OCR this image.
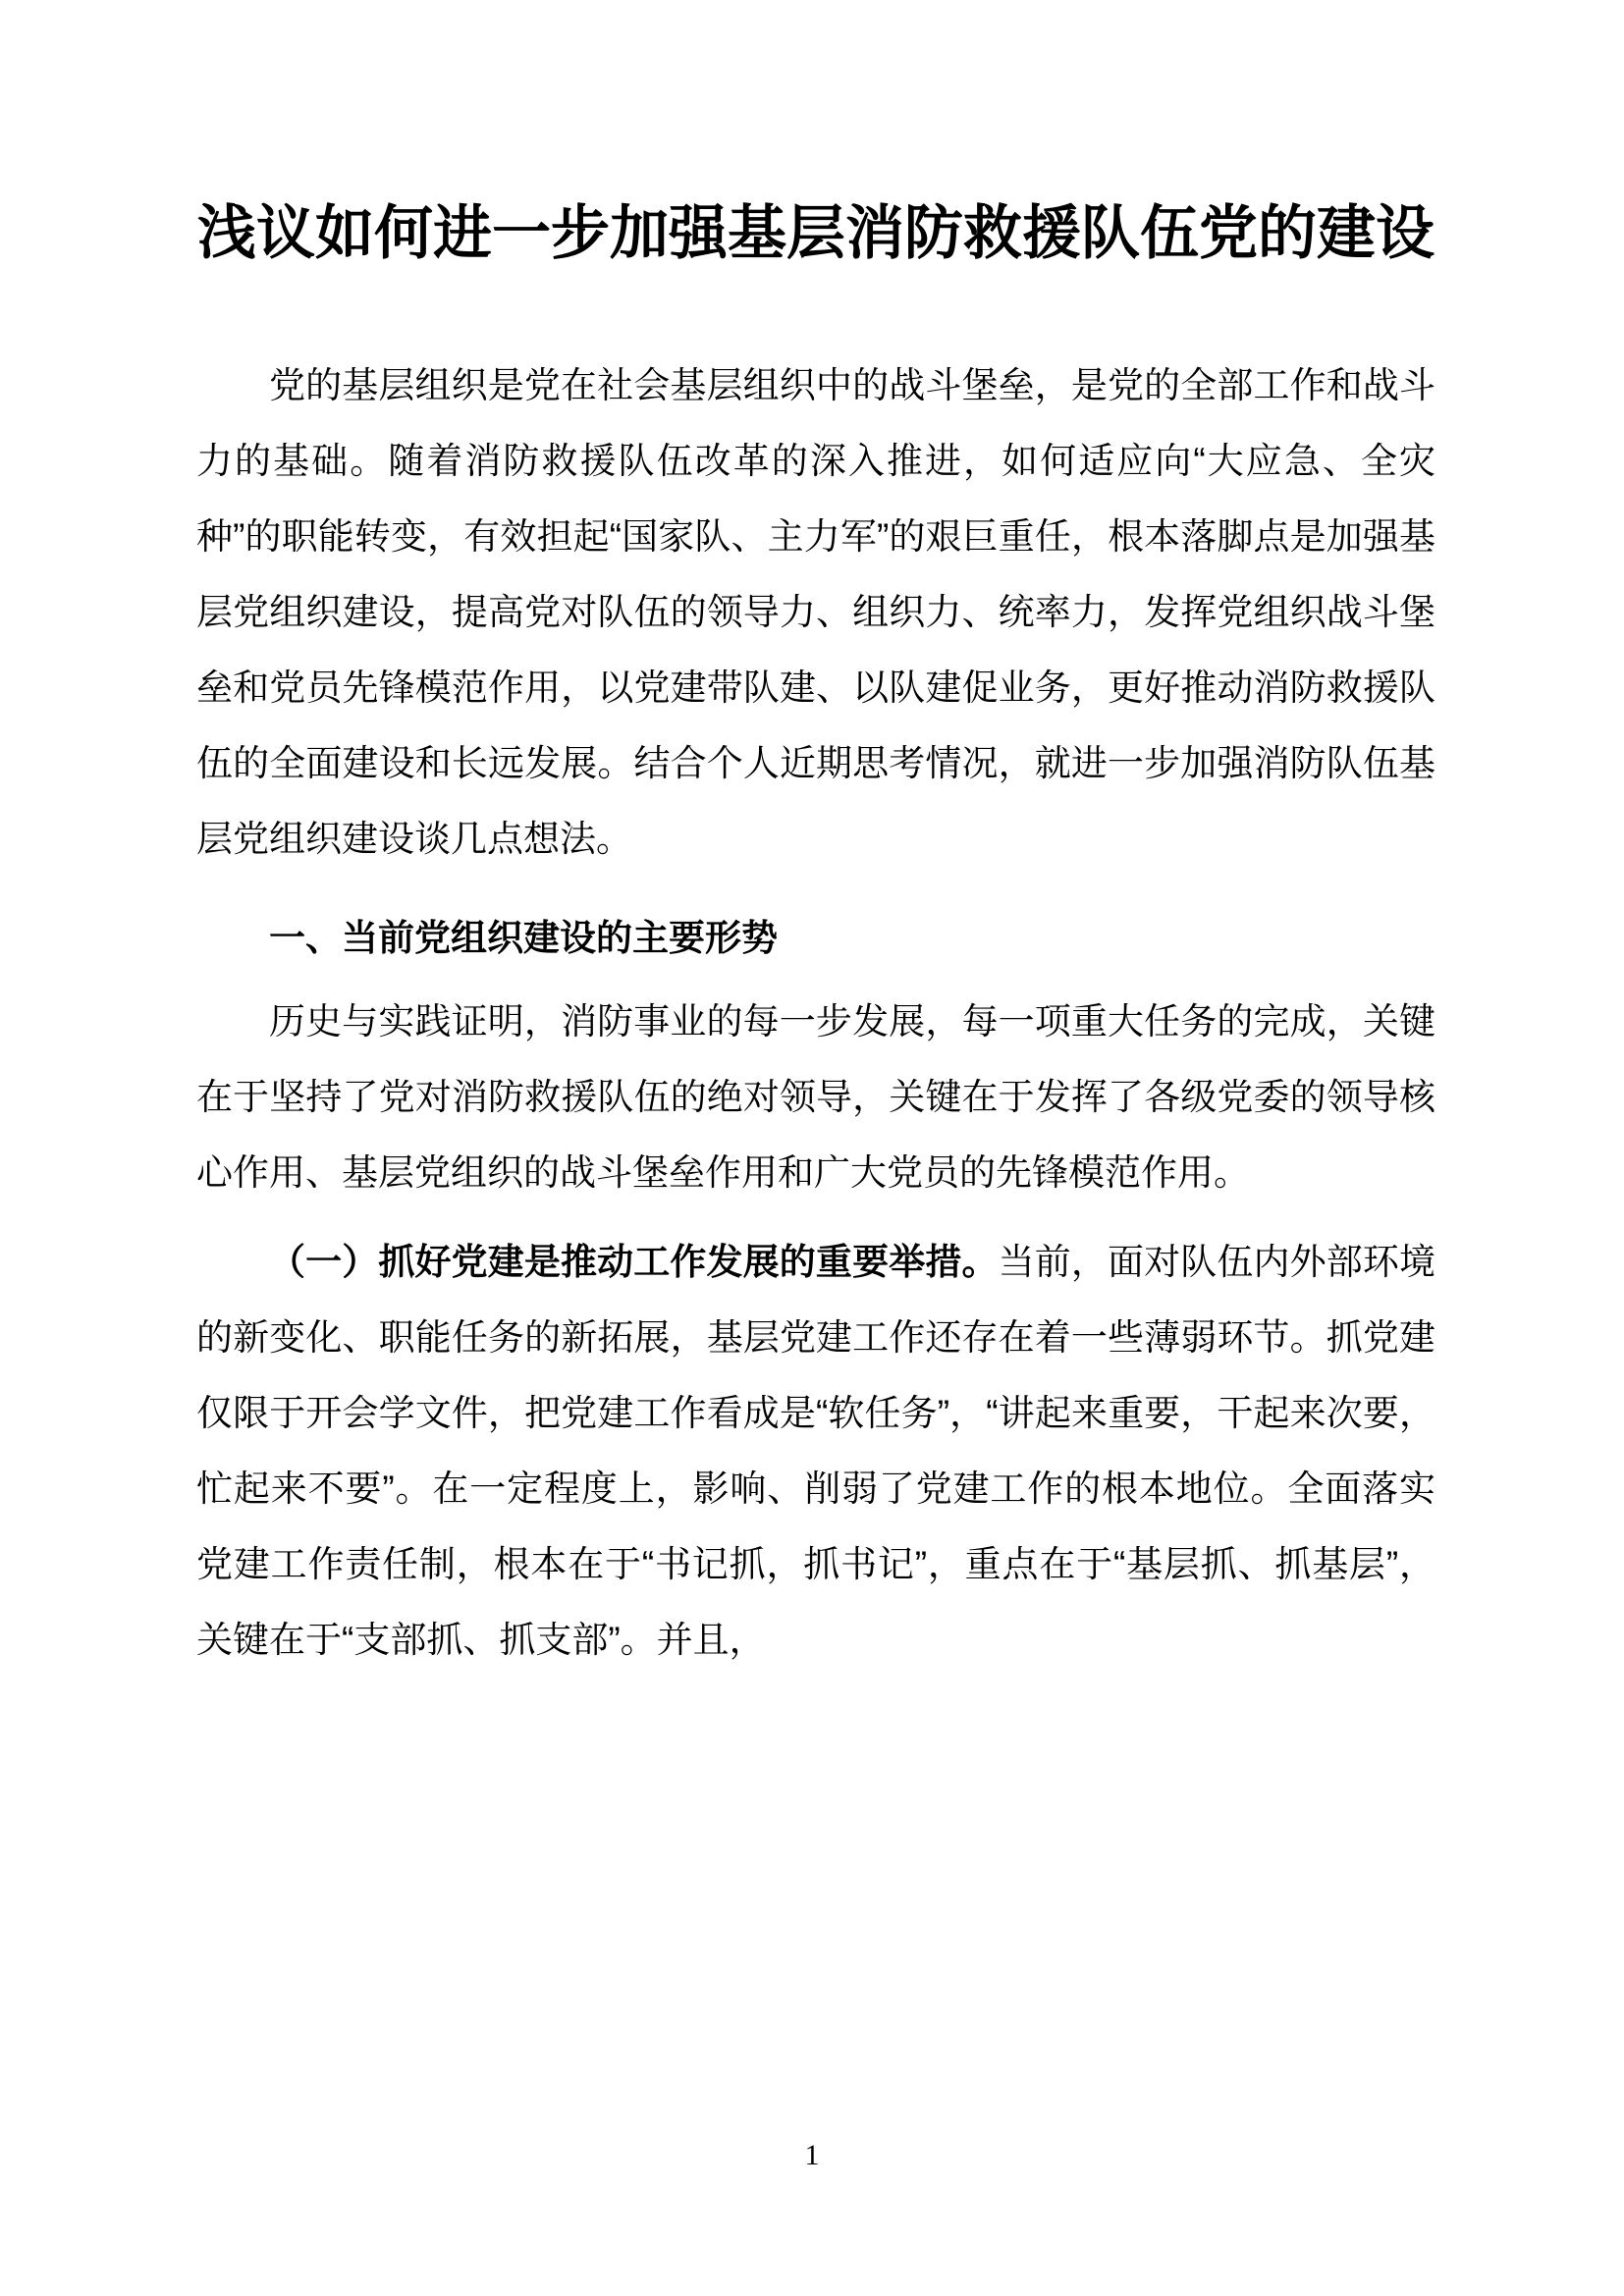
浅议如何进一步加强基层消防救援队伍党的建设

党的基层组织是党在社会基层组织中的战斗堡垒，是党的全部工作和战斗力的基础。随着消防救援队伍改革的深入推进，如何适应向“大应急、全灾种”的职能转变，有效担起“国家队、主力军”的艰巨重任，根本落脚点是加强基层党组织建设，提高党对队伍的领导力、组织力、统率力，发挥党组织战斗堡垒和党员先锋模范作用，以党建带队建、以队建促业务，更好推动消防救援队伍的全面建设和长远发展。结合个人近期思考情况，就进一步加强消防队伍基层党组织建设谈几点想法。

一、当前党组织建设的主要形势

历史与实践证明，消防事业的每一步发展，每一项重大任务的完成，关键在于坚持了党对消防救援队伍的绝对领导，关键在于发挥了各级党委的领导核心作用、基层党组织的战斗堡垒作用和广大党员的先锋模范作用。

（一）抓好党建是推动工作发展的重要举措。当前，面对队伍内外部环境的新变化、职能任务的新拓展，基层党建工作还存在着一些薄弱环节。抓党建仅限于开会学文件，把党建工作看成是“软任务”，“讲起来重要，干起来次要，忙起来不要”。在一定程度上，影响、削弱了党建工作的根本地位。全面落实党建工作责任制，根本在于“书记抓，抓书记”，重点在于“基层抓、抓基层”，关键在于“支部抓、抓支部”。并且，

1
